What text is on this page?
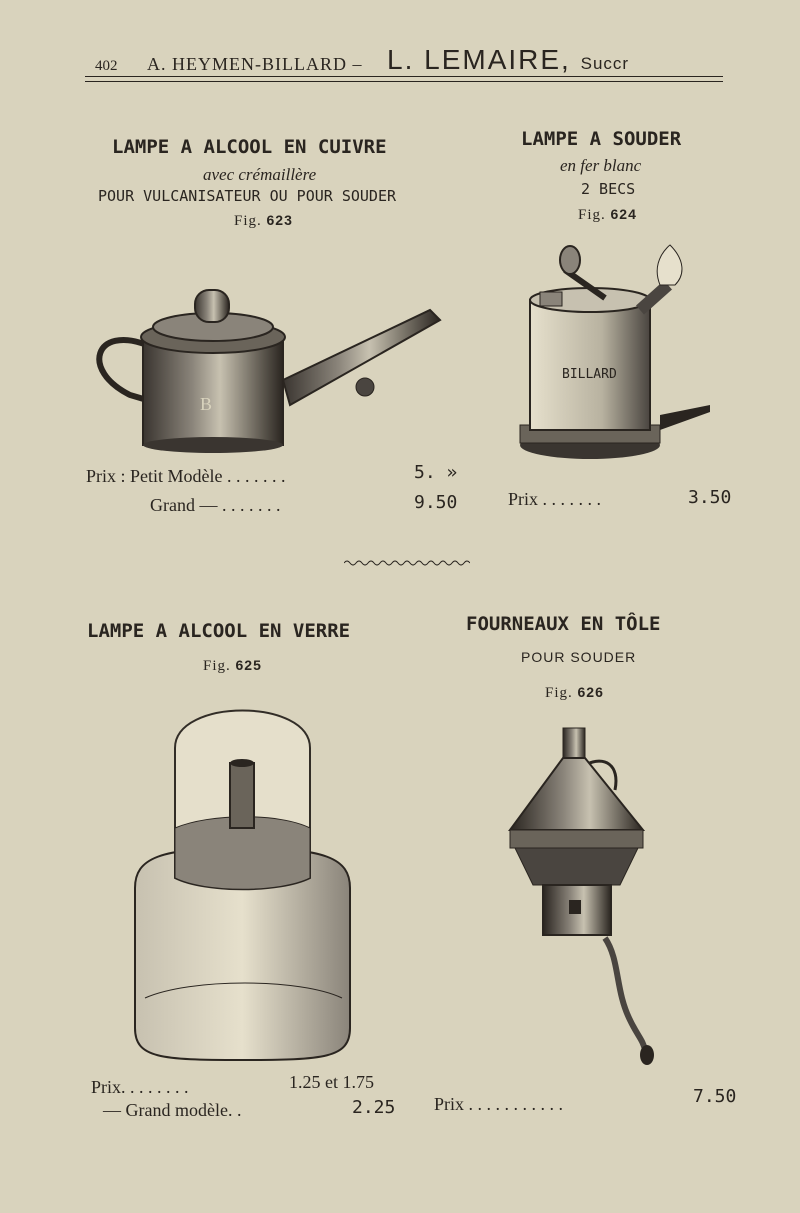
402 A. HEYMEN-BILLARD – L. LEMAIRE, Succr
LAMPE A ALCOOL EN CUIVRE
avec crémaillère
POUR VULCANISATEUR OU POUR SOUDER
Fig. 623
B
Prix : Petit Modèle . . . . . . .	5. »
Grand — . . . . . . .	9.50
LAMPE A SOUDER
en fer blanc
2 BECS
Fig. 624
BILLARD
Prix . . . . . . .	3.50
LAMPE A ALCOOL EN VERRE
Fig. 625
Prix. . . . . . . .	1.25 et 1.75
— Grand modèle. .	2.25
FOURNEAUX EN TÔLE
POUR SOUDER
Fig. 626
Prix . . . . . . . . . . .	7.50
